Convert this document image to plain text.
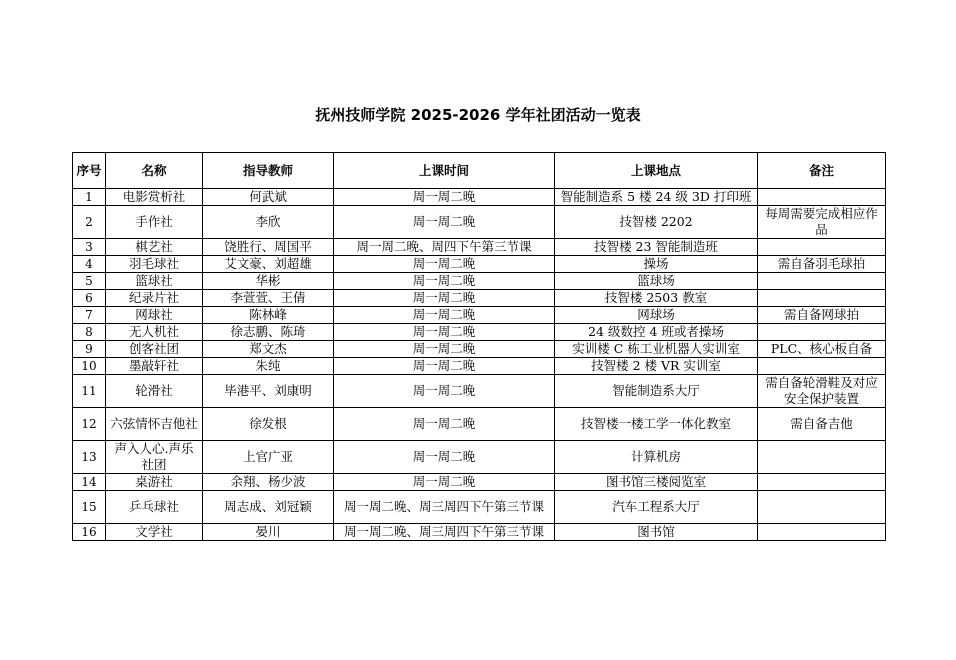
抚州技师学院 2025-2026 学年社团活动一览表
序号	名称	指导教师	上课时间	上课地点	备注
1	电影赏析社	何武斌	周一周二晚	智能制造系 5 楼 24 级 3D 打印班	
2	手作社	李欣	周一周二晚	技智楼 2202	每周需要完成相应作品
3	棋艺社	饶胜行、周国平	周一周二晚、周四下午第三节课	技智楼 23 智能制造班	
4	羽毛球社	艾文豪、刘超雄	周一周二晚	操场	需自备羽毛球拍
5	篮球社	华彬	周一周二晚	篮球场	
6	纪录片社	李萱萱、王倩	周一周二晚	技智楼 2503 教室	
7	网球社	陈林峰	周一周二晚	网球场	需自备网球拍
8	无人机社	徐志鹏、陈琦	周一周二晚	24 级数控 4 班或者操场	
9	创客社团	郑文杰	周一周二晚	实训楼 C 栋工业机器人实训室	PLC、核心板自备
10	墨敲轩社	朱纯	周一周二晚	技智楼 2 楼 VR 实训室	
11	轮滑社	毕港平、刘康明	周一周二晚	智能制造系大厅	需自备轮滑鞋及对应安全保护装置
12	六弦情怀吉他社	徐发根	周一周二晚	技智楼一楼工学一体化教室	需自备吉他
13	声入人心.声乐社团	上官广亚	周一周二晚	计算机房	
14	桌游社	余翔、杨少波	周一周二晚	图书馆三楼阅览室	
15	乒乓球社	周志成、刘冠颖	周一周二晚、周三周四下午第三节课	汽车工程系大厅	
16	文学社	晏川	周一周二晚、周三周四下午第三节课	图书馆	
